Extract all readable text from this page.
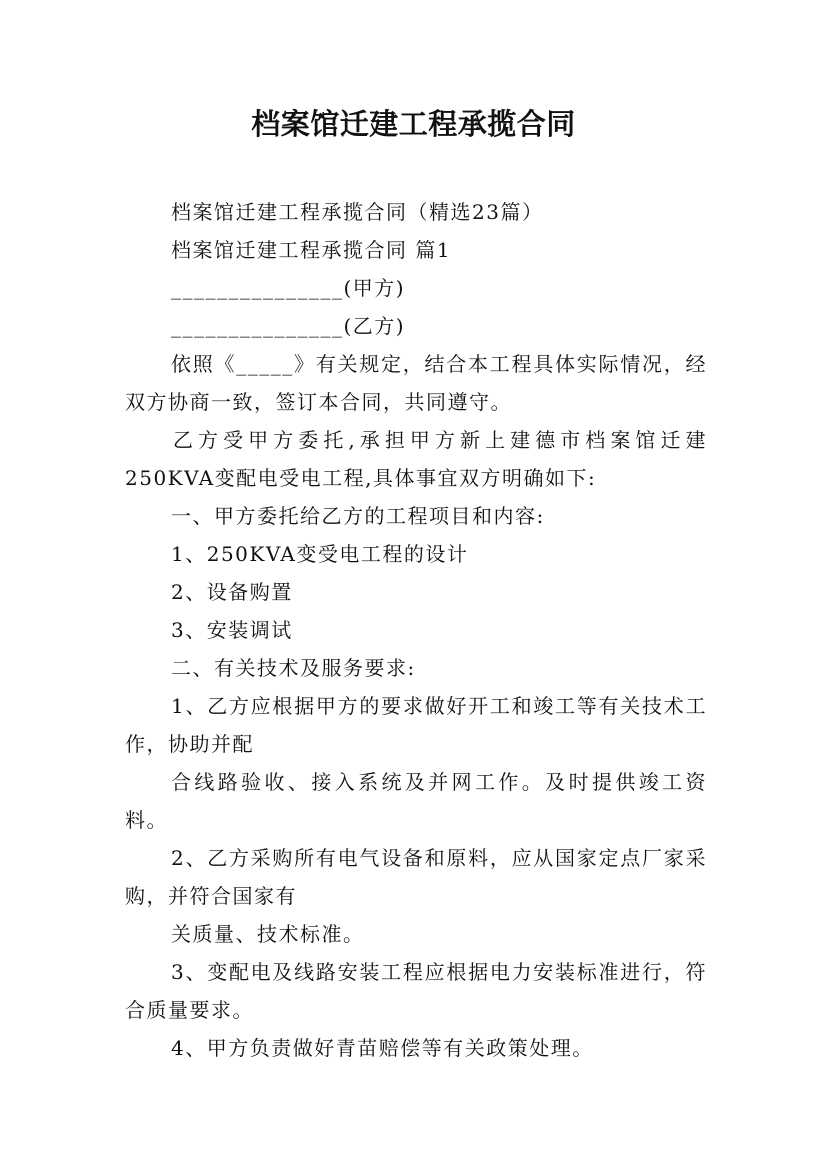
档案馆迁建工程承揽合同

档案馆迁建工程承揽合同（精选23篇）

档案馆迁建工程承揽合同 篇1

_______________(甲方)

_______________(乙方)

依照《_____》有关规定，结合本工程具体实际情况，经双方协商一致，签订本合同，共同遵守。

乙方受甲方委托,承担甲方新上建德市档案馆迁建250KVA变配电受电工程,具体事宜双方明确如下:

一、甲方委托给乙方的工程项目和内容:

1、250KVA变受电工程的设计

2、设备购置

3、安装调试

二、有关技术及服务要求:

1、乙方应根据甲方的要求做好开工和竣工等有关技术工作，协助并配

合线路验收、接入系统及并网工作。及时提供竣工资料。

2、乙方采购所有电气设备和原料，应从国家定点厂家采购，并符合国家有

关质量、技术标准。

3、变配电及线路安装工程应根据电力安装标准进行，符合质量要求。

4、甲方负责做好青苗赔偿等有关政策处理。
